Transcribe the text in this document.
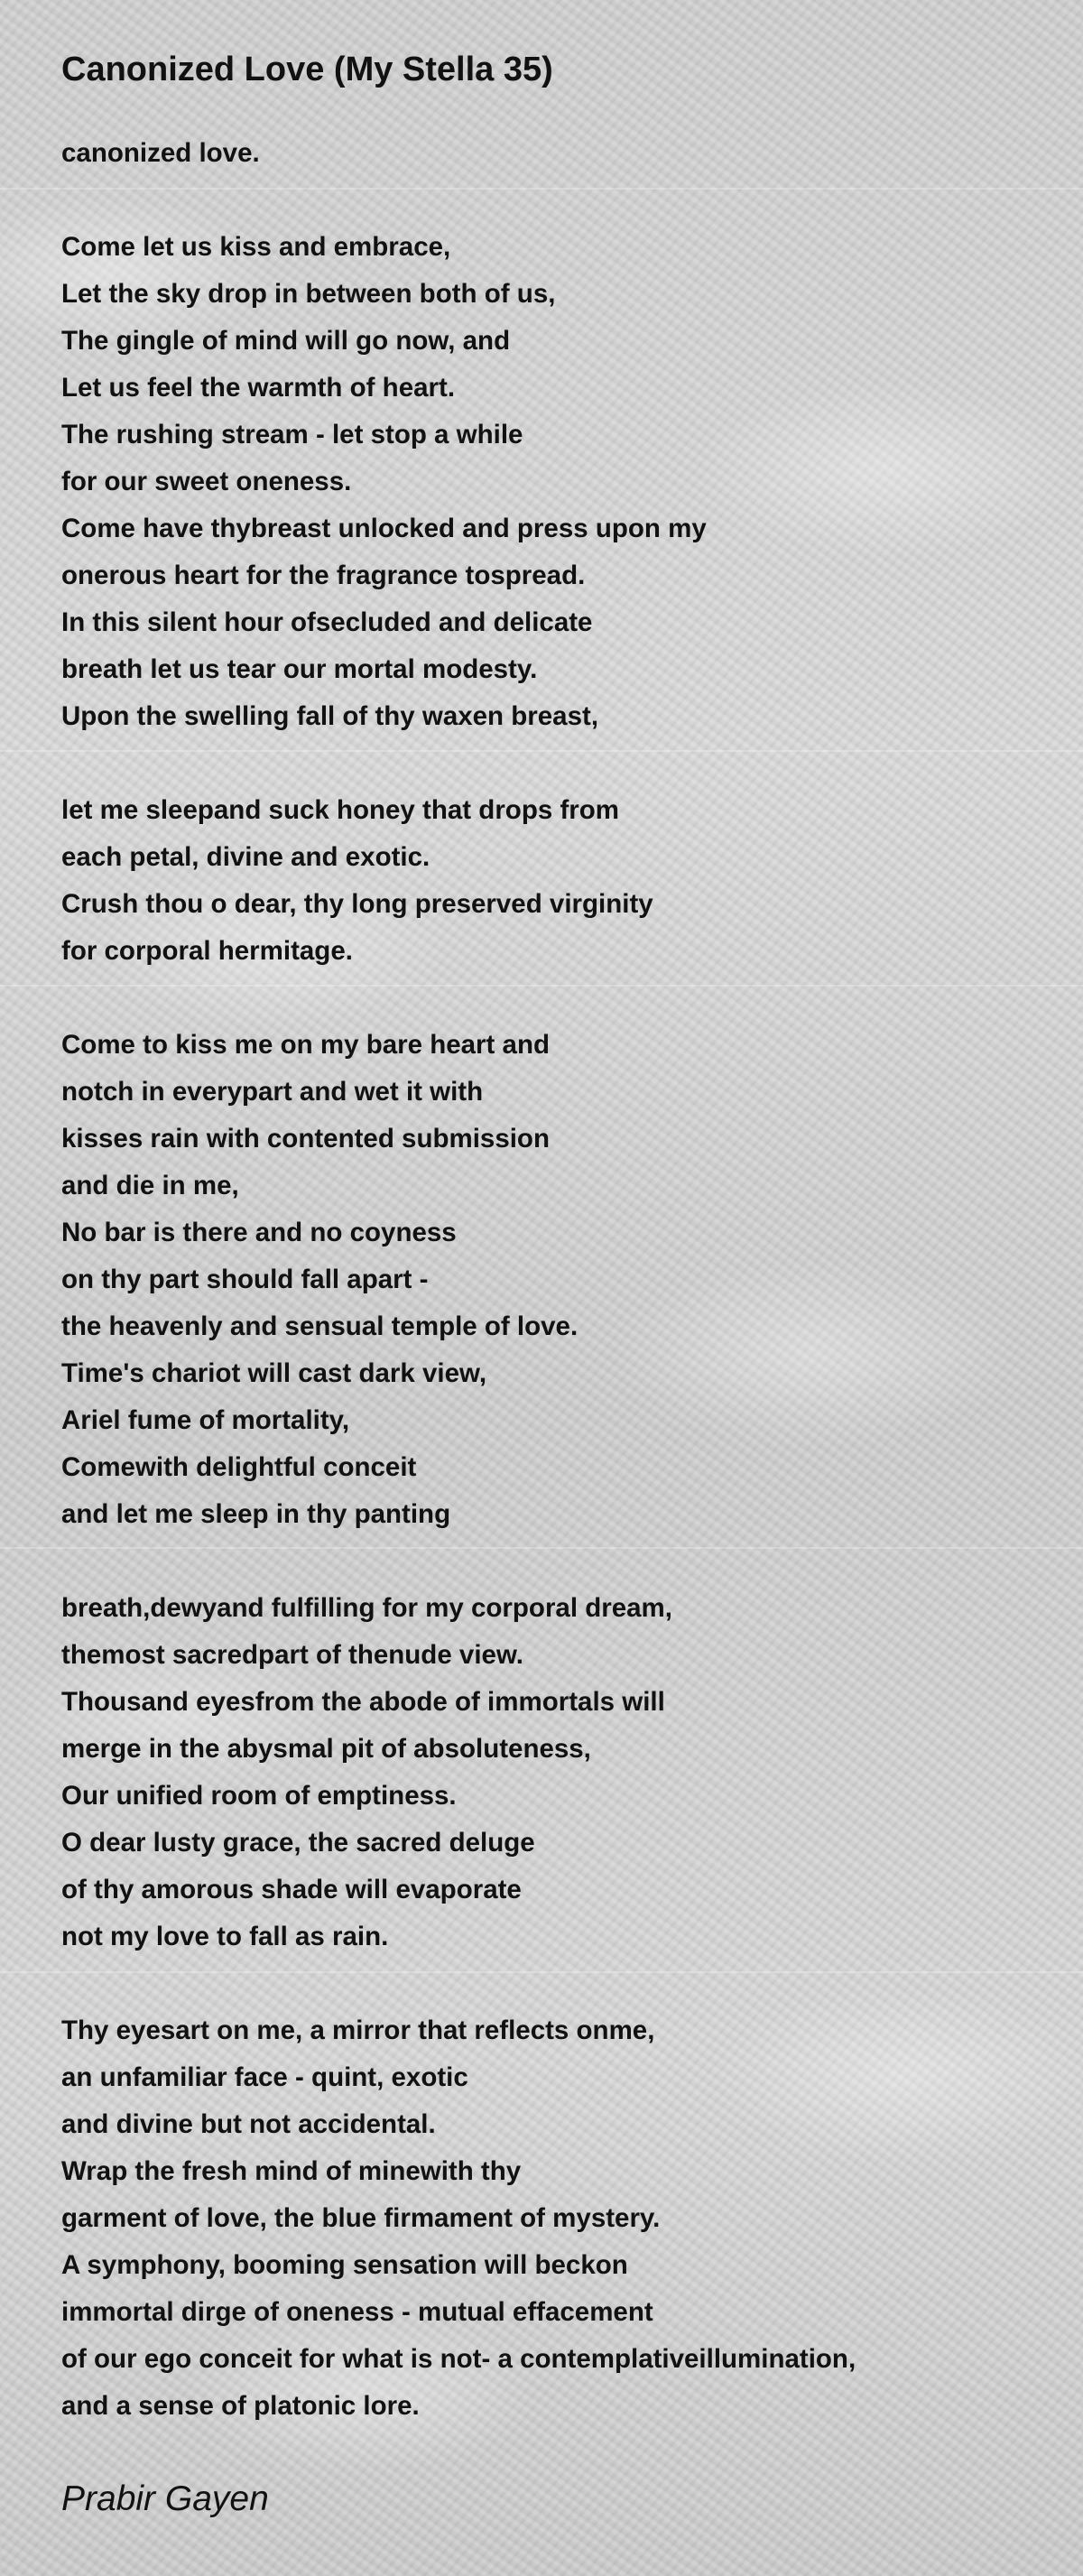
Canonized Love (My Stella 35)
canonized love.
Come let us kiss and embrace,
Let the sky drop in between both of us,
The gingle of mind will go now, and
Let us feel the warmth of heart.
The rushing stream - let stop a while
for our sweet oneness.
Come have thybreast unlocked and press upon my
onerous heart for the fragrance tospread.
In this silent hour ofsecluded and delicate
breath let us tear our mortal modesty.
Upon the swelling fall of thy waxen breast,
let me sleepand suck honey that drops from
each petal, divine and exotic.
Crush thou o dear, thy long preserved virginity
for corporal hermitage.
Come to kiss me on my bare heart and
notch in everypart and wet it with
kisses rain with contented submission
and die in me,
No bar is there and no coyness
on thy part should fall apart -
the heavenly and sensual temple of love.
Time's chariot will cast dark view,
Ariel fume of mortality,
Comewith delightful conceit
and let me sleep in thy panting
breath,dewyand fulfilling for my corporal dream,
themost sacredpart of thenude view.
Thousand eyesfrom the abode of immortals will
merge in the abysmal pit of absoluteness,
Our unified room of emptiness.
O dear lusty grace, the sacred deluge
of thy amorous shade will evaporate
not my love to fall as rain.
Thy eyesart on me, a mirror that reflects onme,
an unfamiliar face - quint, exotic
and divine but not accidental.
Wrap the fresh mind of minewith thy
garment of love, the blue firmament of mystery.
A symphony, booming sensation will beckon
immortal dirge of oneness - mutual effacement
of our ego conceit for what is not- a contemplativeillumination,
and a sense of platonic lore.
Prabir Gayen
